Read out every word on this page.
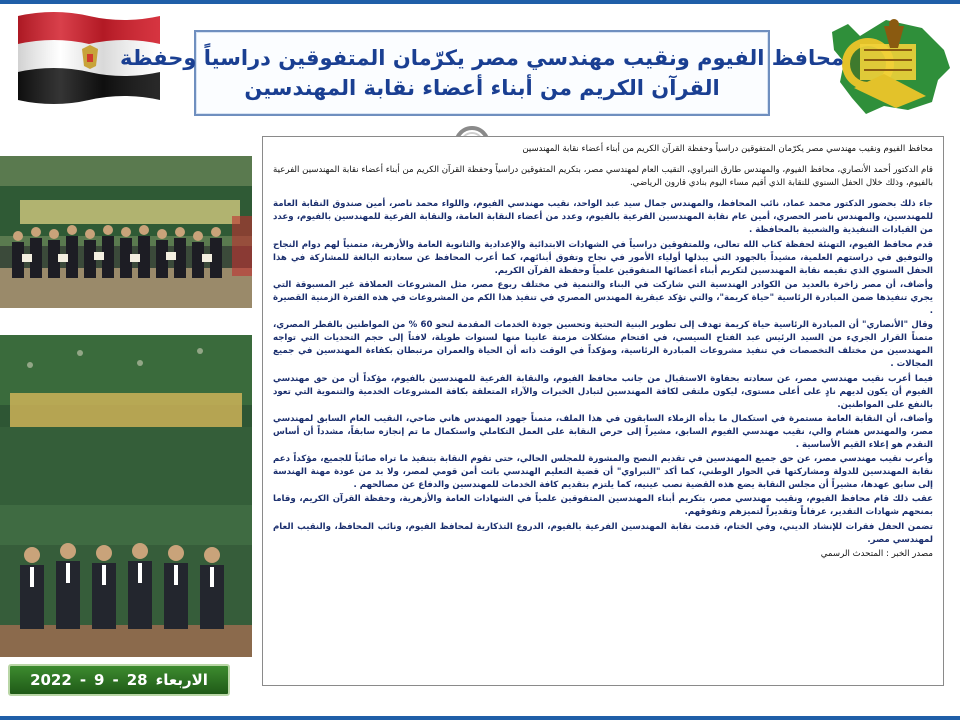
محافظ الفيوم ونقيب مهندسي مصر يكرّمان المتفوقين دراسياً وحفظة
القرآن الكريم من أبناء أعضاء نقابة المهندسين
الاربعاء
28
-
9
-
2022

محافظ الفيوم ونقيب مهندسي مصر يكرّمان المتفوقين دراسياً وحفظة القرآن الكريم من أبناء أعضاء نقابة المهندسين

قام الدكتور أحمد الأنصاري، محافظ الفيوم، والمهندس طارق النبراوي، النقيب العام لمهندسي مصر، بتكريم المتفوقين دراسياً وحفظة القرآن الكريم من أبناء أعضاء نقابة المهندسين الفرعية بالفيوم، وذلك خلال الحفل السنوي للنقابة الذي أقيم مساء اليوم بنادي قارون الرياضي.

جاء ذلك بحضور الدكتور محمد عماد، نائب المحافظ، والمهندس جمال سيد عبد الواحد، نقيب مهندسي الفيوم، واللواء محمد ناصر، أمين صندوق النقابة العامة للمهندسين، والمهندس ناصر الحصري، أمين عام نقابة المهندسين الفرعية بالفيوم، وعدد من أعضاء النقابة العامة، والنقابة الفرعية للمهندسين بالفيوم، وعدد من القيادات التنفيذية والشعبية بالمحافظة .

قدم محافظ الفيوم، التهنئة لحفظة كتاب الله تعالى، وللمتفوقين دراسياً في الشهادات الابتدائية والإعدادية والثانوية العامة والأزهرية، متمنياً لهم دوام النجاح والتوفيق في دراستهم العلمية، مشيداً بالجهود التي يبذلها أولياء الأمور في نجاح وتفوق أبنائهم، كما أعرب المحافظ عن سعادته البالغة للمشاركة في هذا الحفل السنوي الذي تقيمه نقابة المهندسين لتكريم أبناء أعضائها المتفوقين علمياً وحفظة القرآن الكريم.

وأضاف، أن مصر زاخرة بالعديد من الكوادر الهندسية التي شاركت في البناء والتنمية في مختلف ربوع مصر، مثل المشروعات العملاقة غير المسبوقة التي يجري تنفيذها ضمن المبادرة الرئاسية "حياة كريمة"، والتي تؤكد عبقرية المهندس المصري في تنفيذ هذا الكم من المشروعات في هذه الفترة الزمنية القصيرة .

وقال "الأنصاري" أن المبادرة الرئاسية حياة كريمة تهدف إلى تطوير البنية التحتية وتحسين جودة الخدمات المقدمة لنحو 60 % من المواطنين بالقطر المصري، متمناً القرار الجريء من السيد الرئيس عبد الفتاح السيسي، في اقتحام مشكلات مزمنة عانينا منها لسنوات طويلة، لافتاً إلى حجم التحديات التي تواجه المهندسين من مختلف التخصصات في تنفيذ مشروعات المبادرة الرئاسية، ومؤكداً في الوقت ذاته أن الحياة والعمران مرتبطان بكفاءة المهندسين في جميع المجالات .

فيما أعرب نقيب مهندسي مصر، عن سعادته بحفاوة الاستقبال من جانب محافظ الفيوم، والنقابة الفرعية للمهندسين بالفيوم، مؤكداً أن من حق مهندسي الفيوم أن يكون لديهم نادٍ على أعلى مستوى، ليكون ملتقى لكافة المهندسين لتبادل الخبرات والآراء المتعلقة بكافة المشروعات الخدمية والتنموية التي تعود بالنفع على المواطنين.

وأضاف، أن النقابة العامة مستمرة في استكمال ما بدأه الزملاء السابقون في هذا الملف، متمناً جهود المهندس هاني ضاحي، النقيب العام السابق لمهندسي مصر، والمهندس هشام والي، نقيب مهندسي الفيوم السابق، مشيراً إلى حرص النقابة على العمل التكاملي واستكمال ما تم إنجازه سابقاً، مشدداً أن أساس التقدم هو إعلاء القيم الأساسية .

وأعرب نقيب مهندسي مصر، عن حق جميع المهندسين في تقديم النصح والمشورة للمجلس الحالي، حتى تقوم النقابة بتنفيذ ما تراه صائباً للجميع، مؤكداً دعم نقابة المهندسين للدولة ومشاركتها في الحوار الوطني، كما أكد "النبراوي" أن قضية التعليم الهندسي باتت أمن قومي لمصر، ولا بد من عودة مهنة الهندسة إلى سابق عهدها، مشيراً أن مجلس النقابة يضع هذه القضية نصب عينيه، كما يلتزم بتقديم كافة الخدمات للمهندسين والدفاع عن مصالحهم .

عقب ذلك قام محافظ الفيوم، ونقيب مهندسي مصر، بتكريم أبناء المهندسين المتفوقين علمياً في الشهادات العامة والأزهرية، وحفظة القرآن الكريم، وقاما بمنحهم شهادات التقدير، عرفاناً وتقديراً لتميزهم وتفوقهم.

تضمن الحفل فقرات للإنشاد الديني، وفي الختام، قدمت نقابة المهندسين الفرعية بالفيوم، الدروع التذكارية لمحافظ الفيوم، ونائب المحافظ، والنقيب العام لمهندسي مصر.

مصدر الخبر : المتحدث الرسمي
